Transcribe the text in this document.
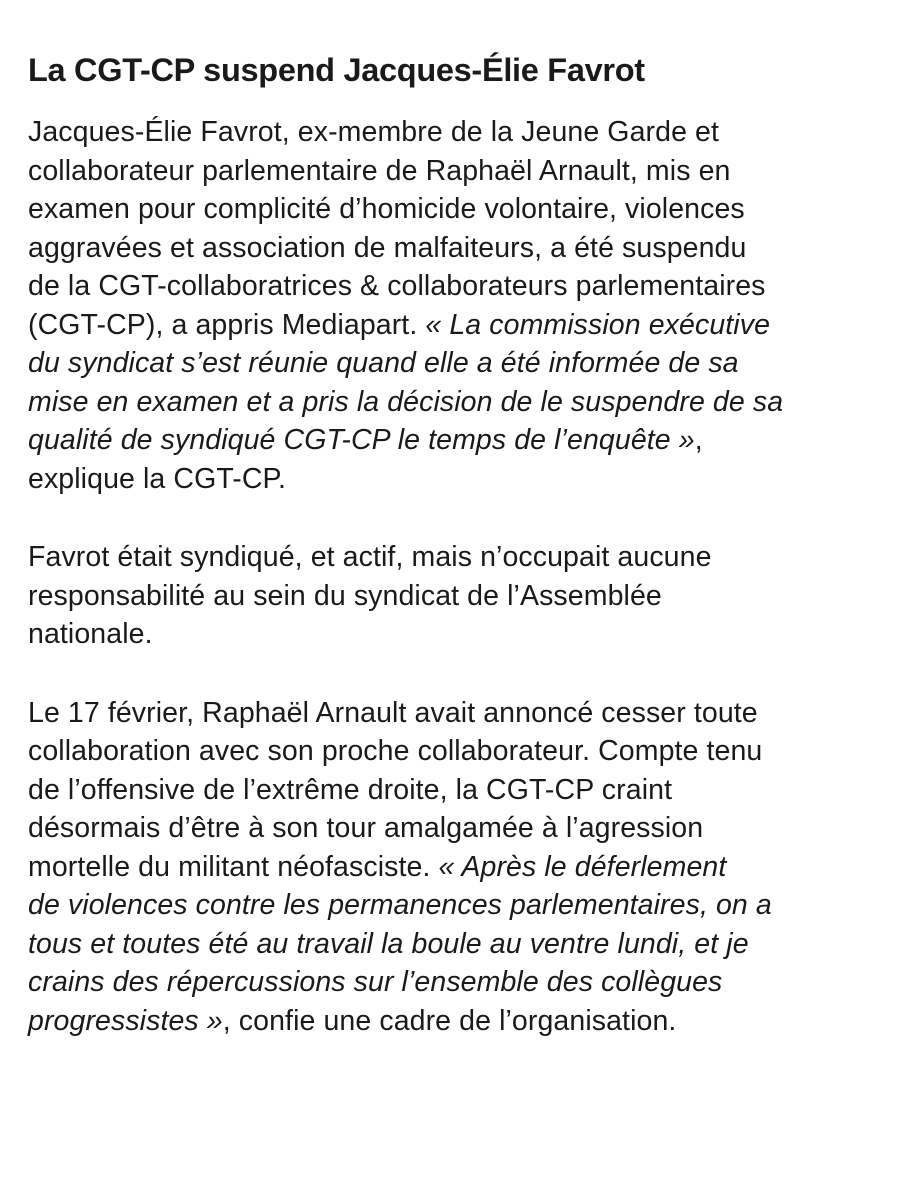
La CGT-CP suspend Jacques-Élie Favrot

Jacques-Élie Favrot, ex-membre de la Jeune Garde et
collaborateur parlementaire de Raphaël Arnault, mis en
examen pour complicité d’homicide volontaire, violences
aggravées et association de malfaiteurs, a été suspendu
de la CGT-collaboratrices & collaborateurs parlementaires
(CGT-CP), a appris Mediapart. « La commission exécutive
du syndicat s’est réunie quand elle a été informée de sa
mise en examen et a pris la décision de le suspendre de sa
qualité de syndiqué CGT-CP le temps de l’enquête »,
explique la CGT-CP.

Favrot était syndiqué, et actif, mais n’occupait aucune
responsabilité au sein du syndicat de l’Assemblée
nationale.

Le 17 février, Raphaël Arnault avait annoncé cesser toute
collaboration avec son proche collaborateur. Compte tenu
de l’offensive de l’extrême droite, la CGT-CP craint
désormais d’être à son tour amalgamée à l’agression
mortelle du militant néofasciste. « Après le déferlement
de violences contre les permanences parlementaires, on a
tous et toutes été au travail la boule au ventre lundi, et je
crains des répercussions sur l’ensemble des collègues
progressistes », confie une cadre de l’organisation.
